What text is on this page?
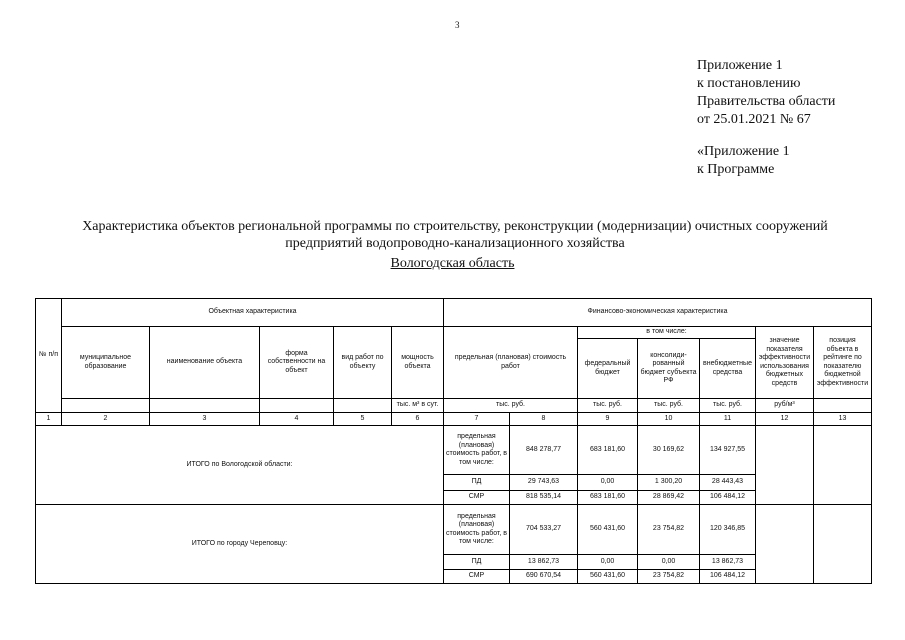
3
Приложение 1
к постановлению
Правительства области
от 25.01.2021 № 67
«Приложение 1
к Программе
Характеристика объектов региональной программы по строительству, реконструкции (модернизации) очистных сооружений
предприятий водопроводно-канализационного хозяйства
Вологодская область
№ п/п	Объектная характеристика					Финансово-экономическая характеристика						
	муниципальное образование	наименование объекта	форма собственности на объект	вид работ по объекту	мощность объекта	предельная (плановая) стоимость работ		в том числе:			значение показателя эффективности использования бюджетных средств	позиция объекта в рейтинге по показателю бюджетной эффективности
								федеральный бюджет	консолиди-рованный бюджет субъекта РФ	внебюджетные средства		
					тыс. м³ в сут.	тыс. руб.		тыс. руб.	тыс. руб.	тыс. руб.	руб/м³	
1	2	3	4	5	6	7	8	9	10	11	12	13
ИТОГО по Вологодской области:						предельная (плановая) стоимость работ, в том числе:	848 278,77	683 181,60	30 169,62	134 927,55		
						ПД	29 743,63	0,00	1 300,20	28 443,43		
						СМР	818 535,14	683 181,60	28 869,42	106 484,12		
ИТОГО по городу Череповцу:						предельная (плановая) стоимость работ, в том числе:	704 533,27	560 431,60	23 754,82	120 346,85		
						ПД	13 862,73	0,00	0,00	13 862,73		
						СМР	690 670,54	560 431,60	23 754,82	106 484,12		
